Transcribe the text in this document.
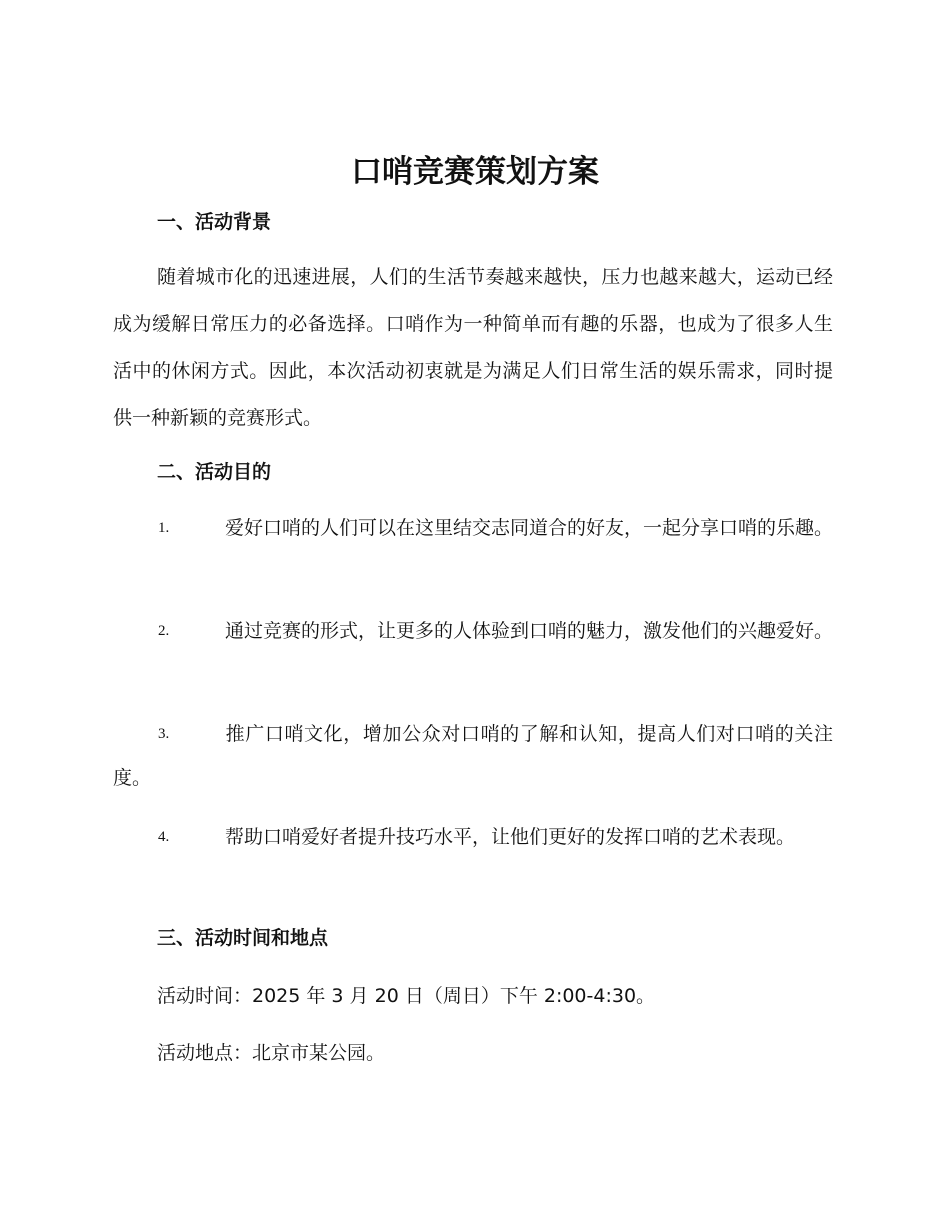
口哨竞赛策划方案
一、活动背景
随着城市化的迅速进展，人们的生活节奏越来越快，压力也越来越大，运动已经成为缓解日常压力的必备选择。口哨作为一种简单而有趣的乐器，也成为了很多人生活中的休闲方式。因此，本次活动初衷就是为满足人们日常生活的娱乐需求，同时提供一种新颖的竞赛形式。
二、活动目的
1.	爱好口哨的人们可以在这里结交志同道合的好友，一起分享口哨的乐趣。
2.	通过竞赛的形式，让更多的人体验到口哨的魅力，激发他们的兴趣爱好。
3.	推广口哨文化，增加公众对口哨的了解和认知，提高人们对口哨的关注度。
4.	帮助口哨爱好者提升技巧水平，让他们更好的发挥口哨的艺术表现。
三、活动时间和地点
活动时间：2025 年 3 月 20 日（周日）下午 2:00-4:30。
活动地点：北京市某公园。
